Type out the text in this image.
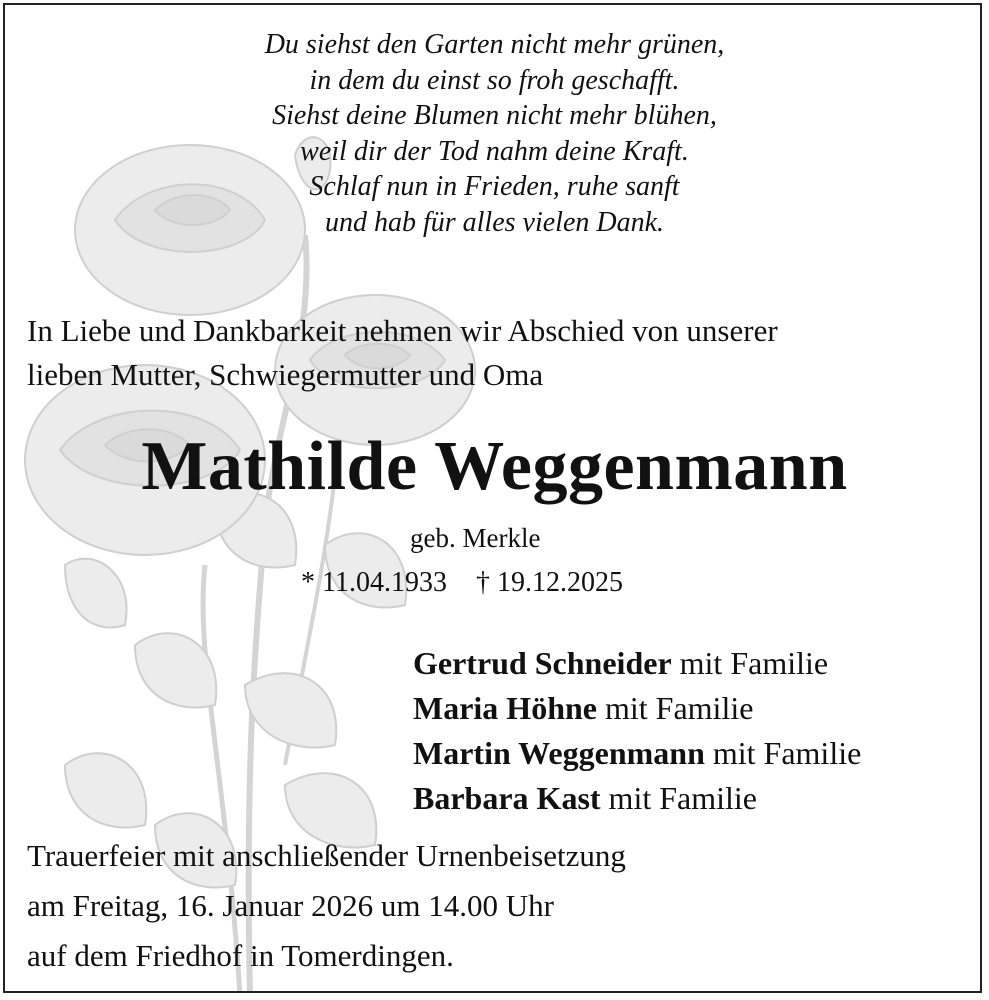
Du siehst den Garten nicht mehr grünen,
in dem du einst so froh geschafft.
Siehst deine Blumen nicht mehr blühen,
weil dir der Tod nahm deine Kraft.
Schlaf nun in Frieden, ruhe sanft
und hab für alles vielen Dank.
In Liebe und Dankbarkeit nehmen wir Abschied von unserer
lieben Mutter, Schwiegermutter und Oma
Mathilde Weggenmann
geb. Merkle
* 11.04.1933 † 19.12.2025
Gertrud Schneider mit Familie
Maria Höhne mit Familie
Martin Weggenmann mit Familie
Barbara Kast mit Familie
Trauerfeier mit anschließender Urnenbeisetzung
am Freitag, 16. Januar 2026 um 14.00 Uhr
auf dem Friedhof in Tomerdingen.
